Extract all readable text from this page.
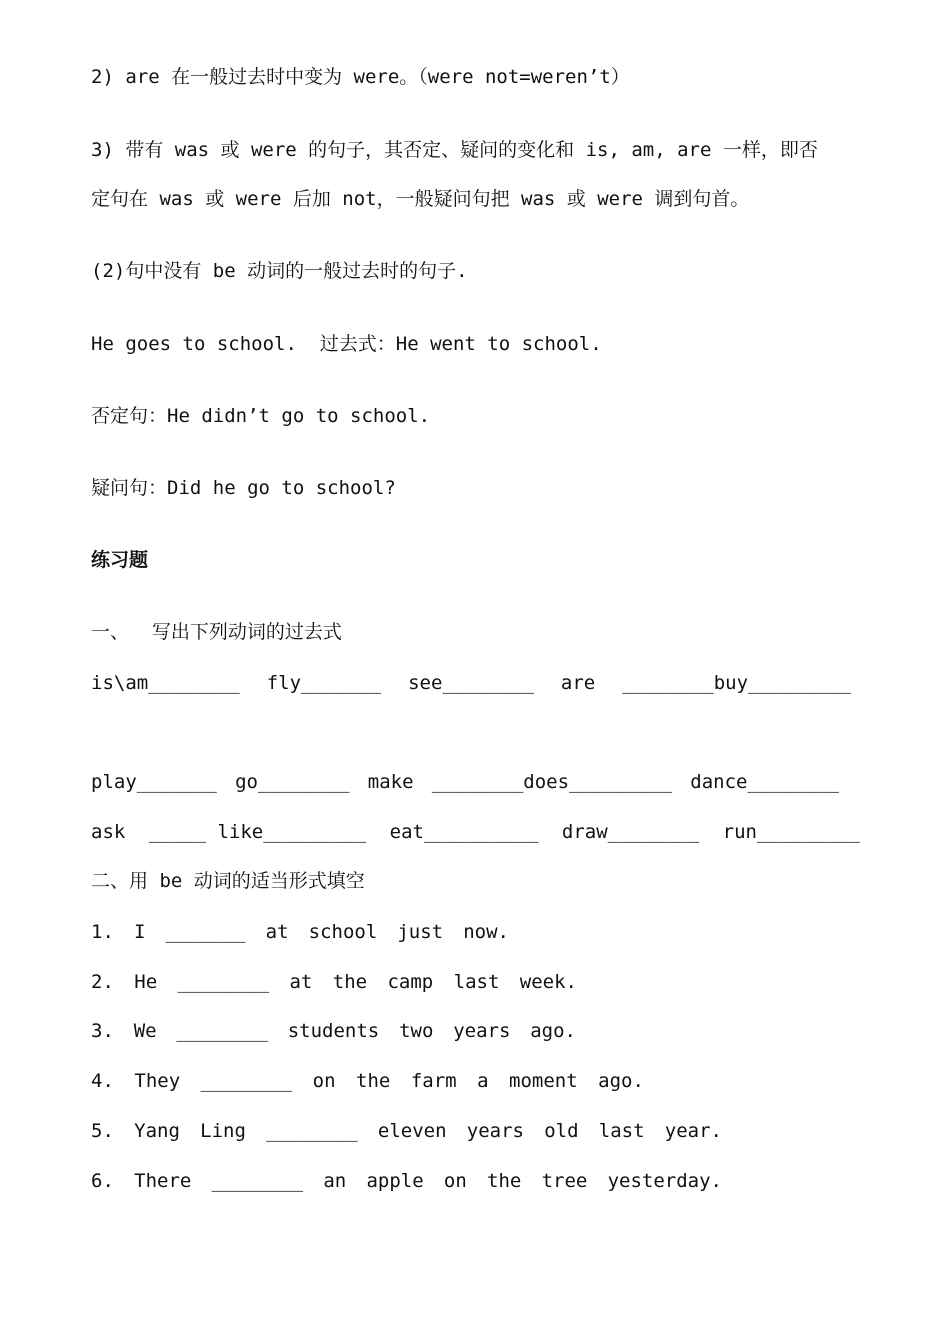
2) are 在一般过去时中变为 were。（were not=weren’t）
3) 带有 was 或 were 的句子，其否定、疑问的变化和 is, am, are 一样，即否
定句在 was 或 were 后加 not，一般疑问句把 was 或 were 调到句首。
(2)句中没有 be 动词的一般过去时的句子.
He goes to school.  过去式：He went to school.
否定句：He didn’t go to school.
疑问句：Did he go to school?
练习题
一、  写出下列动词的过去式
is\am________ fly_______ see________ are ________buy_________
play_______ go________ make ________does_________ dance________
ask _____ like_________ eat__________ draw________ run_________
二、用 be 动词的适当形式填空
1. I _______ at school just now.
2. He ________ at the camp last week.
3. We ________ students two years ago.
4. They ________ on the farm a moment ago.
5. Yang Ling ________ eleven years old last year.
6. There ________ an apple on the tree yesterday.
